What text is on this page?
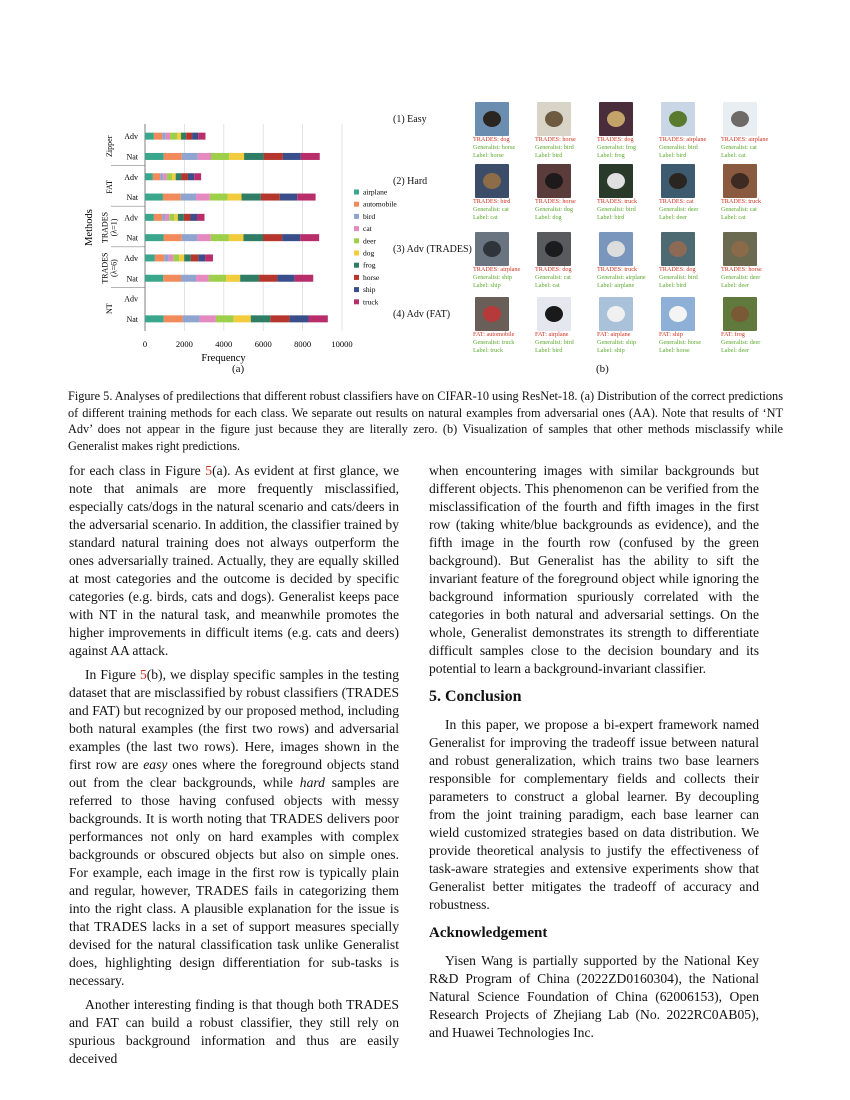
0	2000	4000	6000	8000 10000
Adv
Nat
Adv
Nat
Adv
Nat
Adv
Nat
Adv
Nat
Zipper
FAT
TRADES (λ=1)
TRADES (λ=6)
NT
Methods
Frequency
airplane
automobile
bird
cat
deer
dog
frog
horse
ship
truck
(a)
(1) Easy
TRADES: dog
Generalist: horse
Label: horse
TRADES: horse
Generalist: bird
Label: bird
TRADES: dog
Generalist: frog
Label: frog
TRADES: airplane
Generalist: bird
Label: bird
TRADES: airplane
Generalist: cat
Label: cat
(2) Hard
TRADES: bird
Generalist: cat
Label: cat
TRADES: horse
Generalist: dog
Label: dog
TRADES: truck
Generalist: bird
Label: bird
TRADES: cat
Generalist: deer
Label: deer
TRADES: truck
Generalist: cat
Label: cat
(3) Adv (TRADES)
TRADES: airplane
Generalist: ship
Label: ship
TRADES: dog
Generalist: cat
Label: cat
TRADES: truck
Generalist: airplane
Label: airplane
TRADES: dog
Generalist: bird
Label: bird
TRADES: horse
Generalist: deer
Label: deer
(4) Adv (FAT)
FAT: automobile
Generalist: truck
Label: truck
FAT: airplane
Generalist: bird
Label: bird
FAT: airplane
Generalist: ship
Label: ship
FAT: ship
Generalist: horse
Label: horse
FAT: frog
Generalist: deer
Label: deer
(b)
Figure 5. Analyses of predilections that different robust classifiers have on CIFAR-10 using ResNet-18. (a) Distribution of the correct predictions of different training methods for each class. We separate out results on natural examples from adversarial ones (AA). Note that results of ‘NT Adv’ does not appear in the figure just because they are literally zero. (b) Visualization of samples that other methods misclassify while Generalist makes right predictions.

for each class in Figure 5(a). As evident at first glance, we note that animals are more frequently misclassified, especially cats/dogs in the natural scenario and cats/deers in the adversarial scenario. In addition, the classifier trained by standard natural training does not always outperform the ones adversarially trained. Actually, they are equally skilled at most categories and the outcome is decided by specific categories (e.g. birds, cats and dogs). Generalist keeps pace with NT in the natural task, and meanwhile promotes the higher improvements in difficult items (e.g. cats and deers) against AA attack.

In Figure 5(b), we display specific samples in the testing dataset that are misclassified by robust classifiers (TRADES and FAT) but recognized by our proposed method, including both natural examples (the first two rows) and adversarial examples (the last two rows). Here, images shown in the first row are easy ones where the foreground objects stand out from the clear backgrounds, while hard samples are referred to those having confused objects with messy backgrounds. It is worth noting that TRADES delivers poor performances not only on hard examples with complex backgrounds or obscured objects but also on simple ones. For example, each image in the first row is typically plain and regular, however, TRADES fails in categorizing them into the right class. A plausible explanation for the issue is that TRADES lacks in a set of support measures specially devised for the natural classification task unlike Generalist does, highlighting design differentiation for sub-tasks is necessary.

Another interesting finding is that though both TRADES and FAT can build a robust classifier, they still rely on spurious background information and thus are easily deceived

when encountering images with similar backgrounds but different objects. This phenomenon can be verified from the misclassification of the fourth and fifth images in the first row (taking white/blue backgrounds as evidence), and the fifth image in the fourth row (confused by the green background). But Generalist has the ability to sift the invariant feature of the foreground object while ignoring the background information spuriously correlated with the categories in both natural and adversarial settings. On the whole, Generalist demonstrates its strength to differentiate difficult samples close to the decision boundary and its potential to learn a background-invariant classifier.

5. Conclusion

In this paper, we propose a bi-expert framework named Generalist for improving the tradeoff issue between natural and robust generalization, which trains two base learners responsible for complementary fields and collects their parameters to construct a global learner. By decoupling from the joint training paradigm, each base learner can wield customized strategies based on data distribution. We provide theoretical analysis to justify the effectiveness of task-aware strategies and extensive experiments show that Generalist better mitigates the tradeoff of accuracy and robustness.

Acknowledgement

Yisen Wang is partially supported by the National Key R&D Program of China (2022ZD0160304), the National Natural Science Foundation of China (62006153), Open Research Projects of Zhejiang Lab (No. 2022RC0AB05), and Huawei Technologies Inc.
